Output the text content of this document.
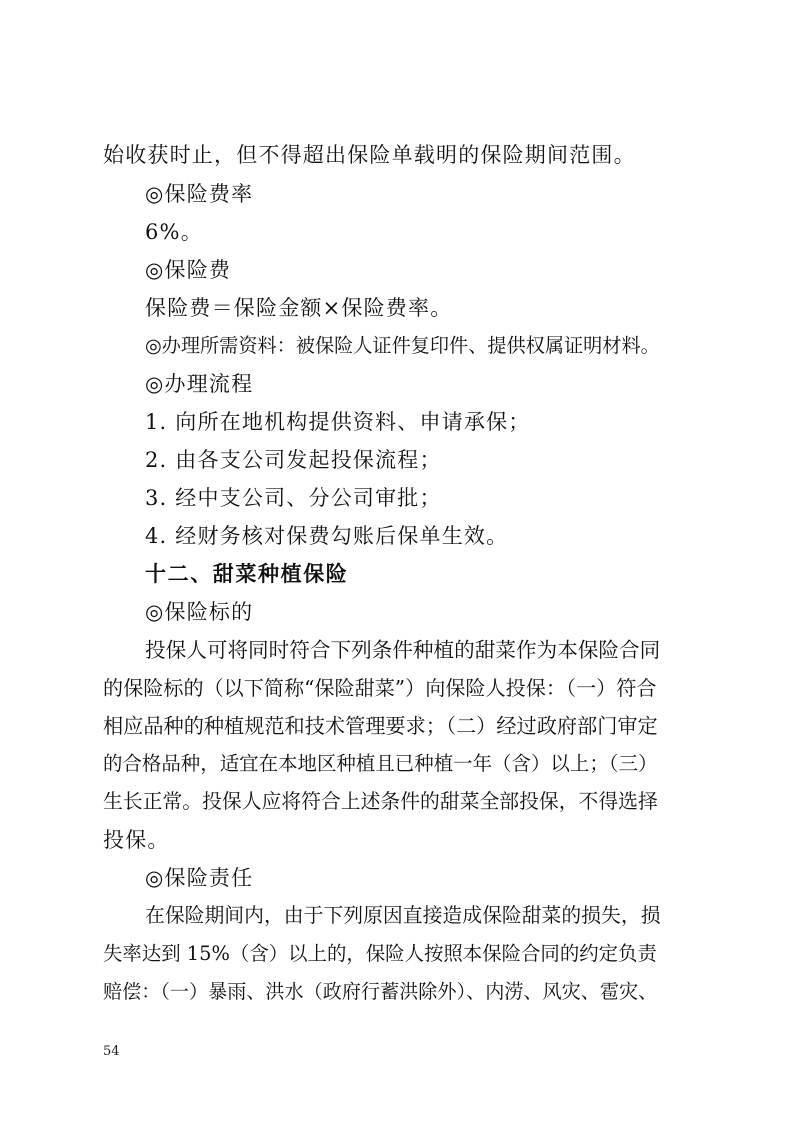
始收获时止，但不得超出保险单载明的保险期间范围。
◎保险费率
6%。
◎保险费
保险费＝保险金额×保险费率。
◎办理所需资料：被保险人证件复印件、提供权属证明材料。
◎办理流程
1. 向所在地机构提供资料、申请承保；
2. 由各支公司发起投保流程；
3. 经中支公司、分公司审批；
4. 经财务核对保费勾账后保单生效。
十二、甜菜种植保险
◎保险标的
投保人可将同时符合下列条件种植的甜菜作为本保险合同
的保险标的（以下简称“保险甜菜”）向保险人投保：（一）符合
相应品种的种植规范和技术管理要求；（二）经过政府部门审定
的合格品种，适宜在本地区种植且已种植一年（含）以上；（三）
生长正常。投保人应将符合上述条件的甜菜全部投保，不得选择
投保。
◎保险责任
在保险期间内，由于下列原因直接造成保险甜菜的损失，损
失率达到 15%（含）以上的，保险人按照本保险合同的约定负责
赔偿：（一）暴雨、洪水（政府行蓄洪除外）、内涝、风灾、雹灾、
54
